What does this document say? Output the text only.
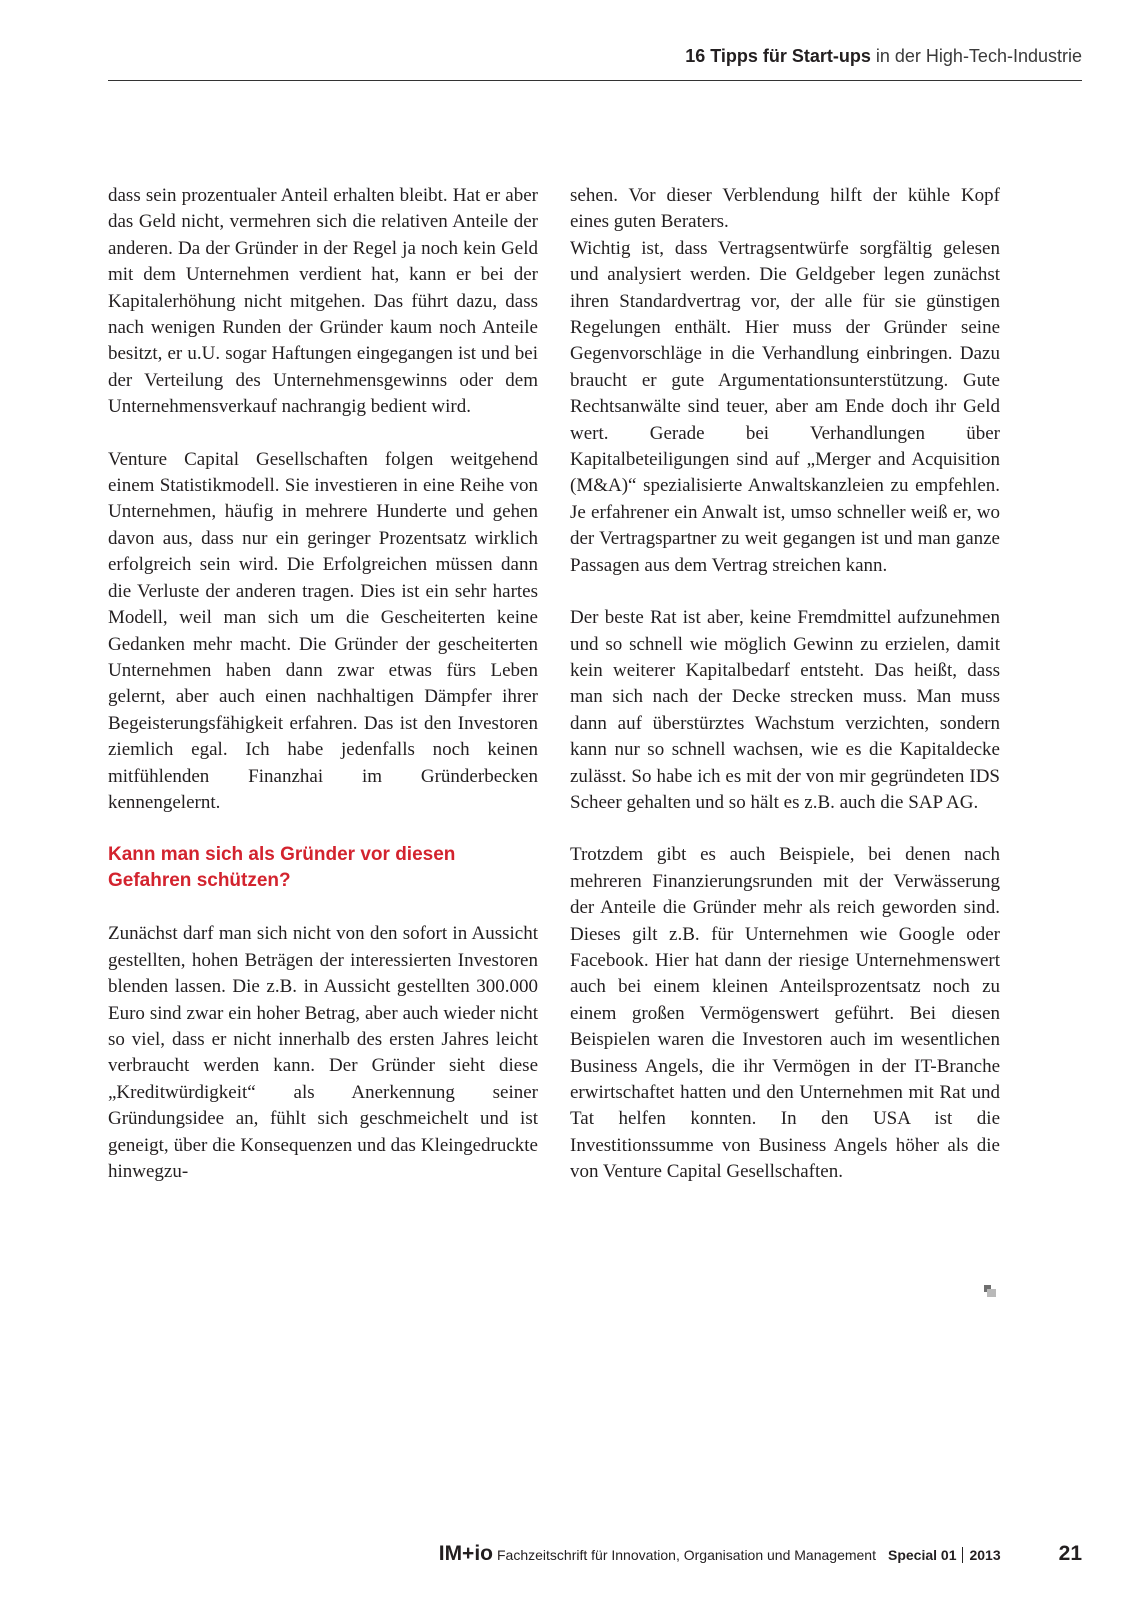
16 Tipps für Start-ups in der High-Tech-Industrie

dass sein prozentualer Anteil erhalten bleibt. Hat er aber das Geld nicht, vermehren sich die relativen Anteile der anderen. Da der Gründer in der Regel ja noch kein Geld mit dem Unternehmen verdient hat, kann er bei der Kapitalerhöhung nicht mitgehen. Das führt dazu, dass nach wenigen Runden der Gründer kaum noch Anteile besitzt, er u.U. sogar Haftungen eingegangen ist und bei der Verteilung des Unternehmensgewinns oder dem Unternehmensverkauf nachrangig bedient wird.

Venture Capital Gesellschaften folgen weitgehend einem Statistikmodell. Sie investieren in eine Reihe von Unternehmen, häufig in mehrere Hunderte und gehen davon aus, dass nur ein geringer Prozentsatz wirklich erfolgreich sein wird. Die Erfolgreichen müssen dann die Verluste der anderen tragen. Dies ist ein sehr hartes Modell, weil man sich um die Gescheiterten keine Gedanken mehr macht. Die Gründer der gescheiterten Unternehmen haben dann zwar etwas fürs Leben gelernt, aber auch einen nachhaltigen Dämpfer ihrer Begeisterungsfähigkeit erfahren. Das ist den Investoren ziemlich egal. Ich habe jedenfalls noch keinen mitfühlenden Finanzhai im Gründerbecken kennengelernt.

Kann man sich als Gründer vor diesen Gefahren schützen?

Zunächst darf man sich nicht von den sofort in Aussicht gestellten, hohen Beträgen der interessierten Investoren blenden lassen. Die z.B. in Aussicht gestellten 300.000 Euro sind zwar ein hoher Betrag, aber auch wieder nicht so viel, dass er nicht innerhalb des ersten Jahres leicht verbraucht werden kann. Der Gründer sieht diese „Kreditwürdigkeit“ als Anerkennung seiner Gründungsidee an, fühlt sich geschmeichelt und ist geneigt, über die Konsequenzen und das Kleingedruckte hinwegzu-

sehen. Vor dieser Verblendung hilft der kühle Kopf eines guten Beraters.

Wichtig ist, dass Vertragsentwürfe sorgfältig gelesen und analysiert werden. Die Geldgeber legen zunächst ihren Standardvertrag vor, der alle für sie günstigen Regelungen enthält. Hier muss der Gründer seine Gegenvorschläge in die Verhandlung einbringen. Dazu braucht er gute Argumentationsunterstützung. Gute Rechtsanwälte sind teuer, aber am Ende doch ihr Geld wert. Gerade bei Verhandlungen über Kapitalbeteiligungen sind auf „Merger and Acquisition (M&A)“ spezialisierte Anwaltskanzleien zu empfehlen. Je erfahrener ein Anwalt ist, umso schneller weiß er, wo der Vertragspartner zu weit gegangen ist und man ganze Passagen aus dem Vertrag streichen kann.

Der beste Rat ist aber, keine Fremdmittel aufzunehmen und so schnell wie möglich Gewinn zu erzielen, damit kein weiterer Kapitalbedarf entsteht. Das heißt, dass man sich nach der Decke strecken muss. Man muss dann auf überstürztes Wachstum verzichten, sondern kann nur so schnell wachsen, wie es die Kapitaldecke zulässt. So habe ich es mit der von mir gegründeten IDS Scheer gehalten und so hält es z.B. auch die SAP AG.

Trotzdem gibt es auch Beispiele, bei denen nach mehreren Finanzierungsrunden mit der Verwässerung der Anteile die Gründer mehr als reich geworden sind. Dieses gilt z.B. für Unternehmen wie Google oder Facebook. Hier hat dann der riesige Unternehmenswert auch bei einem kleinen Anteilsprozentsatz noch zu einem großen Vermögenswert geführt. Bei diesen Beispielen waren die Investoren auch im wesentlichen Business Angels, die ihr Vermögen in der IT-Branche erwirtschaftet hatten und den Unternehmen mit Rat und Tat helfen konnten. In den USA ist die Investitionssumme von Business Angels höher als die von Venture Capital Gesellschaften.

IM+io Fachzeitschrift für Innovation, Organisation und Management Special 01 2013	21
